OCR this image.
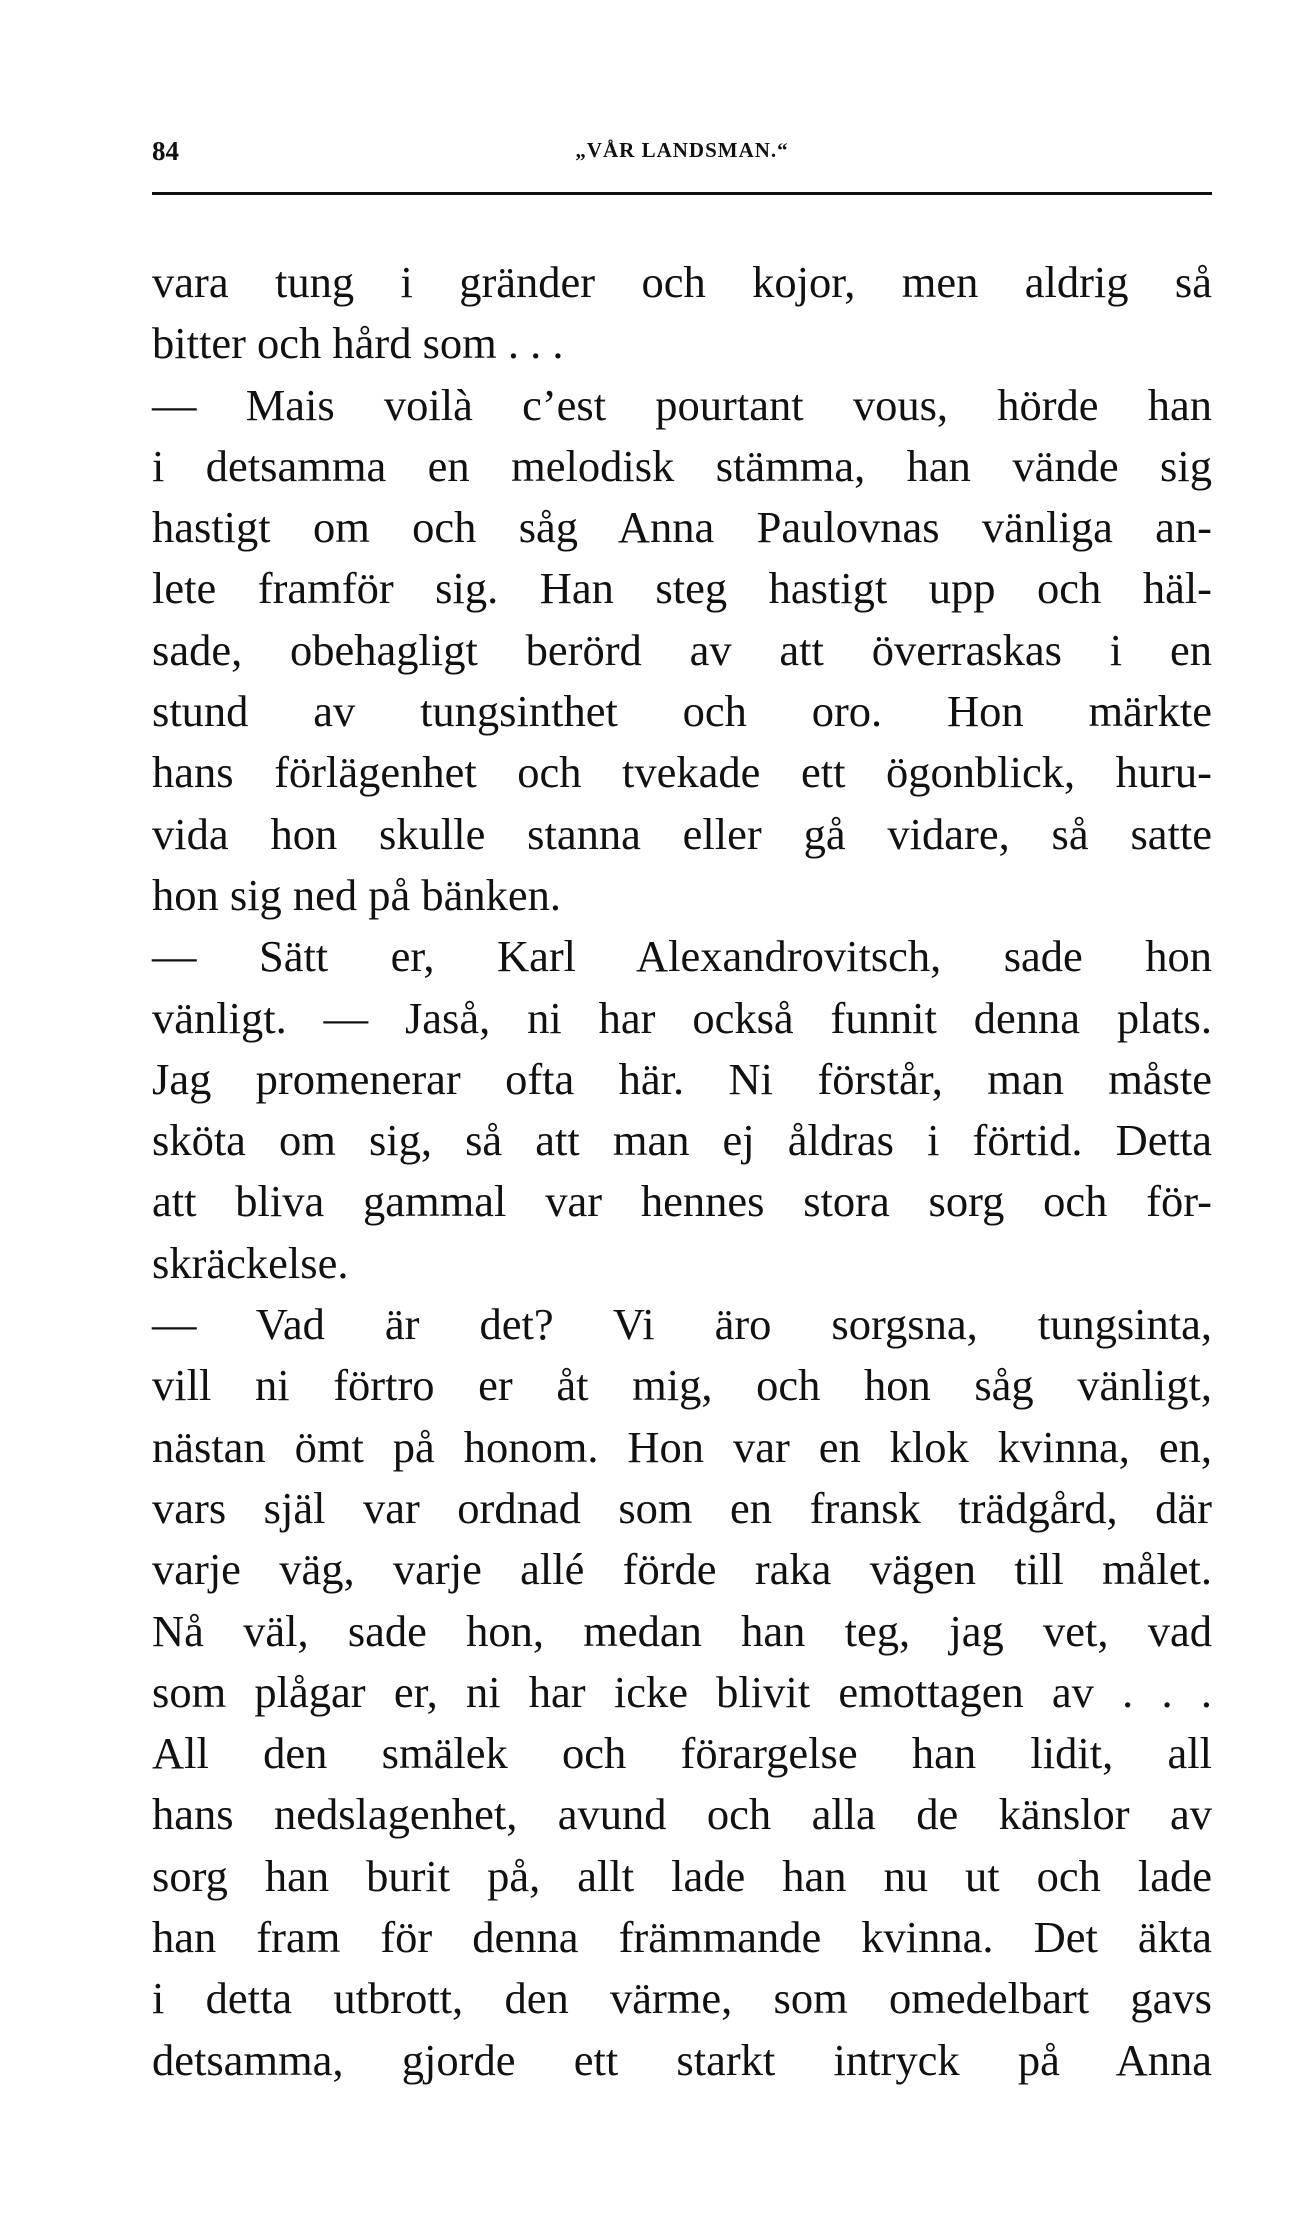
84	„VÅR LANDSMAN.“
vara tung i gränder och kojor, men aldrig så
bitter och hård som . . .
— Mais voilà c’est pourtant vous, hörde han
i detsamma en melodisk stämma, han vände sig
hastigt om och såg Anna Paulovnas vänliga an-
lete framför sig. Han steg hastigt upp och häl-
sade, obehagligt berörd av att överraskas i en
stund av tungsinthet och oro. Hon märkte
hans förlägenhet och tvekade ett ögonblick, huru-
vida hon skulle stanna eller gå vidare, så satte
hon sig ned på bänken.
— Sätt er, Karl Alexandrovitsch, sade hon
vänligt. — Jaså, ni har också funnit denna plats.
Jag promenerar ofta här. Ni förstår, man måste
sköta om sig, så att man ej åldras i förtid. Detta
att bliva gammal var hennes stora sorg och för-
skräckelse.
— Vad är det? Vi äro sorgsna, tungsinta,
vill ni förtro er åt mig, och hon såg vänligt,
nästan ömt på honom. Hon var en klok kvinna, en,
vars själ var ordnad som en fransk trädgård, där
varje väg, varje allé förde raka vägen till målet.
Nå väl, sade hon, medan han teg, jag vet, vad
som plågar er, ni har icke blivit emottagen av . . .
All den smälek och förargelse han lidit, all
hans nedslagenhet, avund och alla de känslor av
sorg han burit på, allt lade han nu ut och lade
han fram för denna främmande kvinna. Det äkta
i detta utbrott, den värme, som omedelbart gavs
detsamma, gjorde ett starkt intryck på Anna
